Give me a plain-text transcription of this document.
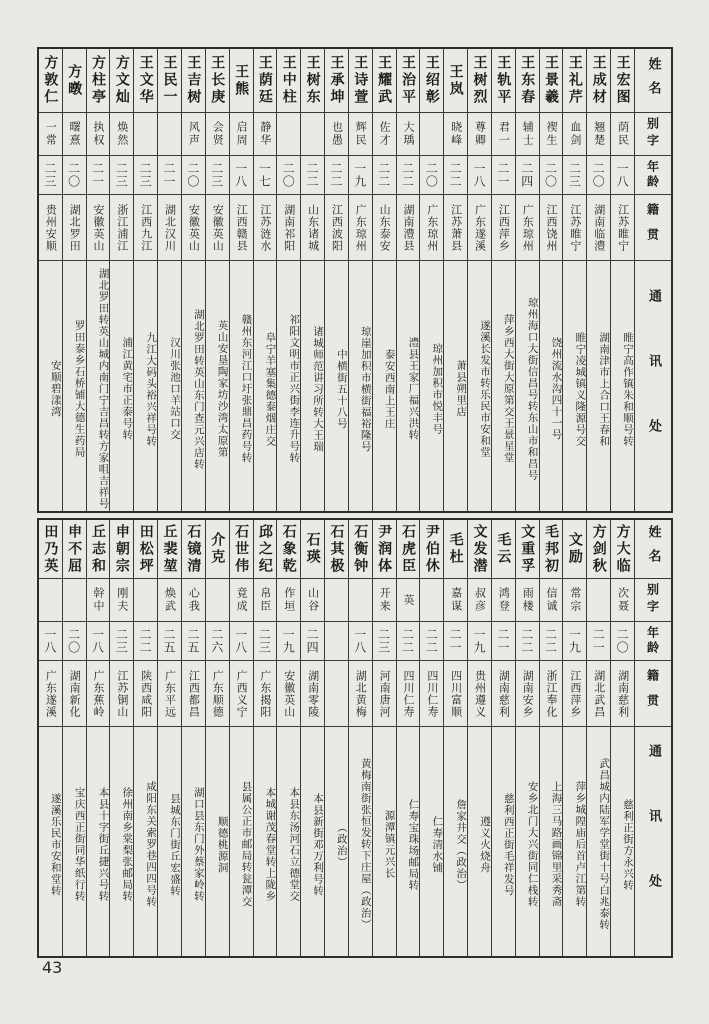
姓名
别字
年龄
籍贯
通讯处
王宏图
荫民
一八
江苏睢宁
睢宁高作镇朱和顺号转
王成材
翘楚
二〇
湖南临澧
湖南津市上合口王春和
王礼芹
血剑
二三
江苏睢宁
睢宁凌城镇义隆源号交
王景羲
禊生
二〇
江西饶州
饶州流水沟四十一号
王东春
辅士
二四
广东琼州
琼州海口大街信昌号转东山市和昌号
王轨平
君一
二一
江西萍乡
萍乡西大街大原第交王景星堂
王树烈
尊卿
一八
广东遂溪
遂溪长发市转乐民市安和堂
王岚
晓峰
二二
江苏萧县
萧县朔里店
王绍彰
二〇
广东琼州
琼州加积市悦丰号
王治平
大瑀
二二
湖南澧县
澧县王家厂福兴洪转
王耀武
佐才
二二
山东泰安
泰安西南上王庄
王诗萱
辉民
一九
广东琼州
琼崖加积市横街福裕隆号
王承坤
也愚
二二
江西波阳
中横街五十八号
王树东
二二
山东诸城
诸城师范讲习所转大王瑞
王中柱
二〇
湖南祁阳
祁阳文明市正兴街李连升号转
王荫廷
静华
一七
江苏涟水
阜宁羊塞集德泰烟庄交
王熊
启周
一八
江西赣县
赣州东河江口圩张鼎昌药号转
王长庚
会贤
二三
安徽英山
英山安垦陶家坊沙湾太原第
王吉树
风声
二〇
安徽英山
湖北罗田转英山东门查元兴店转
王民一
二一
湖北汉川
汉川张池口羊站口交
王文华
二三
江西九江
九江大码头裕兴祥号转
方文灿
焕然
二三
浙江浦江
浦江黄宅市正泰号转
方柱亭
执权
二一
安徽英山
湖北罗田转英山城内南门宁吉昌转方家咀吉祥号
方暾
曙熹
二〇
湖北罗田
罗田泰乡石桥铺大德生药局
方敦仁
一常
二三
贵州安顺
安顺碧漾湾
姓名
别字
年龄
籍贯
通讯处
方大临
次聂
二〇
湖南慈利
慈利正街方永兴转
方剑秋
二一
湖北武昌
武昌城内陆军学堂街十号白兆泰转
文励
常宗
一九
江西萍乡
萍乡城隍庙后首卢江第转
毛邦初
信诚
二二
浙江奉化
上海三马路画锦里采秀斋
文重孚
雨楼
二二
湖南安乡
安乡北门大兴街同仁栈转
毛云
鸿登
二一
湖南慈利
慈利西正街毛祥发号
文发潜
叔彦
一九
贵州遵义
遵义火烧舟
毛杜
嘉谋
二一
四川富顺
詹家井交（政治）
尹伯休
二二
四川仁寿
仁寿清水铺
石虎臣
英
二二
四川仁寿
仁寿宝珠场邮局转
尹润体
开来
二三
河南唐河
源潭镇元兴长
石衡钟
一八
湖北黄梅
黄梅南街张恒发转下庄屋（政治）
石其极
（政治）
石瑛
山谷
二四
湖南零陵
本县新街邓万利号转
石象乾
作垣
一九
安徽英山
本县东汤河石立德堂交
邱之纪
帛臣
二三
广东揭阳
本城谢茂春堂转上陇乡
石世伟
竟成
一八
广西义宁
县属公正市邮局转瓮潭交
介克
二六
广东顺德
顺德桃源洞
石镜清
心我
二五
江西都昌
湖口县东门外蔡家岭转
丘裴堃
焕武
二五
广东平远
县城东门街丘宏盛转
田松坪
二二
陕西咸阳
咸阳东关索罗巷四四号转
申朝宗
刚夫
二三
江苏铜山
徐州南乡棠梨张邮局转
丘志和
幹中
一八
广东蕉岭
本县十字街丘捷兴号转
申不屈
二〇
湖南新化
宝庆西正街同华纸行转
田乃英
一八
广东遂溪
遂溪乐民市安和堂转
43
